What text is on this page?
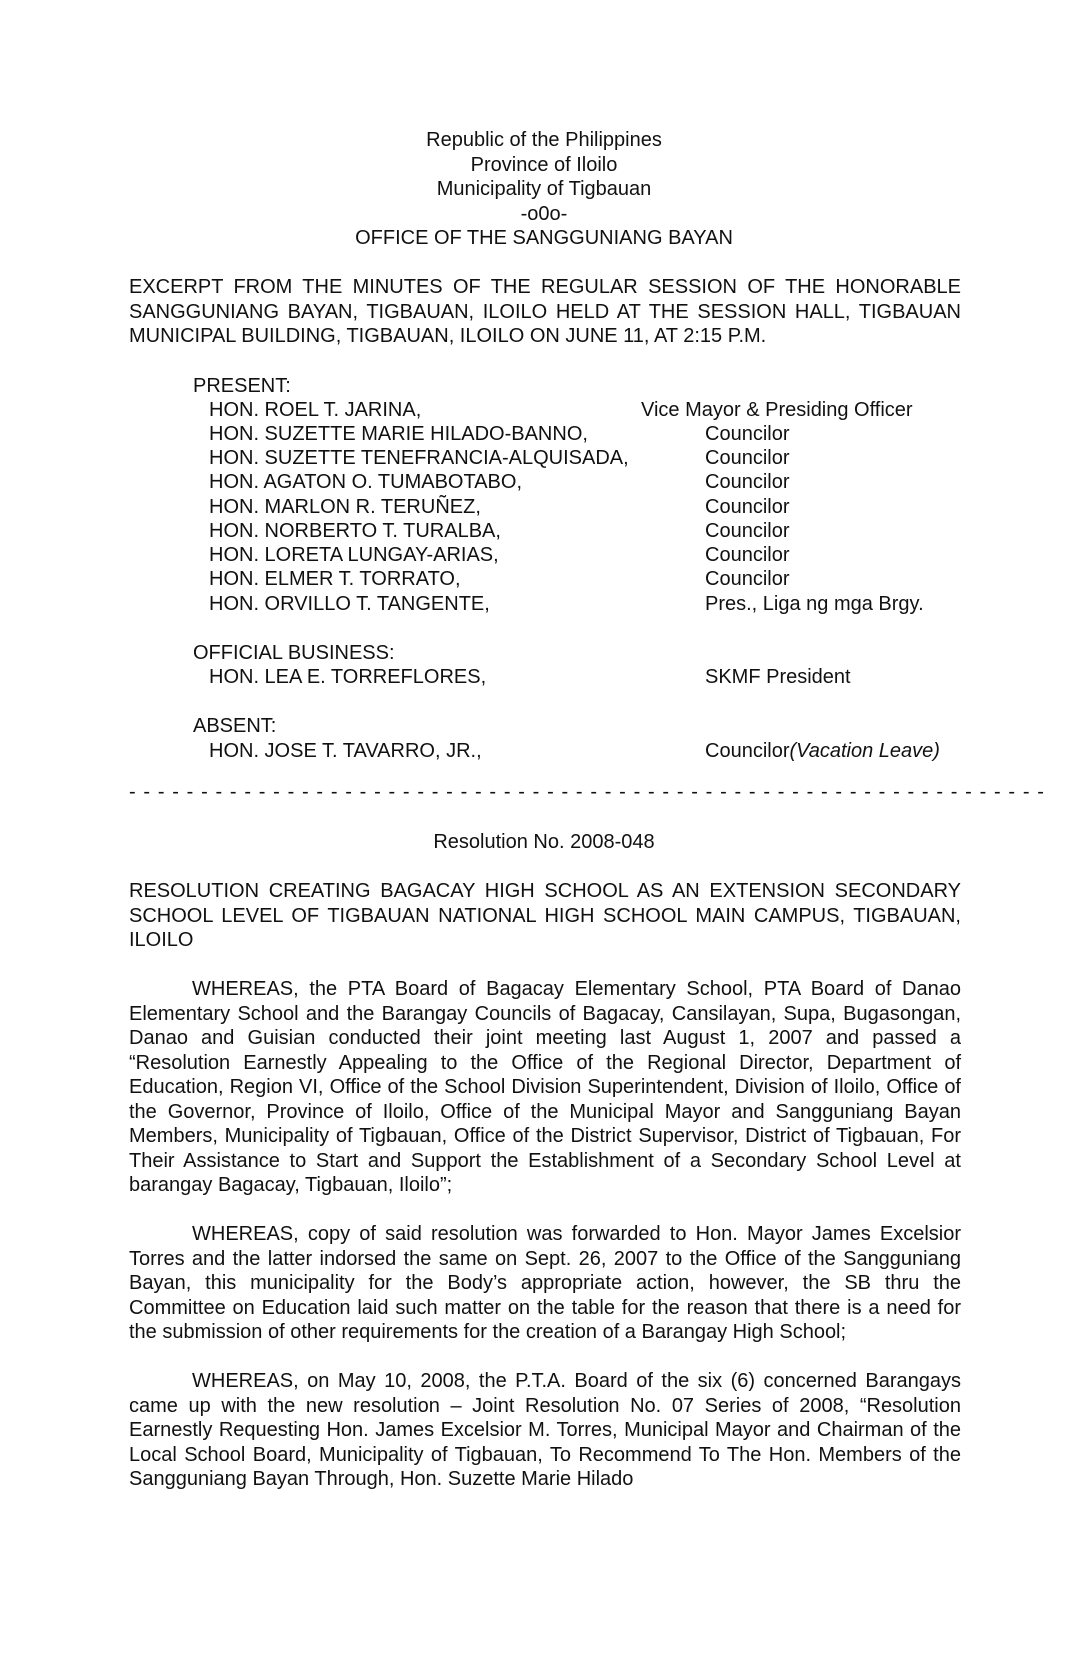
Republic of the Philippines
Province of Iloilo
Municipality of Tigbauan
-o0o-
OFFICE OF THE SANGGUNIANG BAYAN
EXCERPT FROM THE MINUTES OF THE REGULAR SESSION OF THE HONORABLE SANGGUNIANG BAYAN, TIGBAUAN, ILOILO HELD AT THE SESSION HALL, TIGBAUAN MUNICIPAL BUILDING, TIGBAUAN, ILOILO ON JUNE 11, AT 2:15 P.M.
PRESENT:
HON. ROEL T. JARINA,	Vice Mayor & Presiding Officer
HON. SUZETTE MARIE HILADO-BANNO,	Councilor
HON. SUZETTE TENEFRANCIA-ALQUISADA,	Councilor
HON. AGATON O. TUMABOTABO,	Councilor
HON. MARLON R. TERUÑEZ,	Councilor
HON. NORBERTO T. TURALBA,	Councilor
HON. LORETA LUNGAY-ARIAS,	Councilor
HON. ELMER T. TORRATO,	Councilor
HON. ORVILLO T. TANGENTE,	Pres., Liga ng mga Brgy.
OFFICIAL BUSINESS:
HON. LEA E. TORREFLORES,	SKMF President
ABSENT:
HON. JOSE T. TAVARRO, JR.,	Councilor(Vacation Leave)
- - - - - - - - - - - - - - - - - - - - - - - - - - - - - - - - - - - - - - - - - - - - - - - - - - - - - - - - - - - - - - - -
Resolution No. 2008-048
RESOLUTION CREATING BAGACAY HIGH SCHOOL AS AN EXTENSION SECONDARY SCHOOL LEVEL OF TIGBAUAN NATIONAL HIGH SCHOOL MAIN CAMPUS, TIGBAUAN, ILOILO

WHEREAS, the PTA Board of Bagacay Elementary School, PTA Board of Danao Elementary School and the Barangay Councils of Bagacay, Cansilayan, Supa, Bugasongan, Danao and Guisian conducted their joint meeting last August 1, 2007 and passed a “Resolution Earnestly Appealing to the Office of the Regional Director, Department of Education, Region VI, Office of the School Division Superintendent, Division of Iloilo, Office of the Governor, Province of Iloilo, Office of the Municipal Mayor and Sangguniang Bayan Members, Municipality of Tigbauan, Office of the District Supervisor, District of Tigbauan, For Their Assistance to Start and Support the Establishment of a Secondary School Level at barangay Bagacay, Tigbauan, Iloilo”;

WHEREAS, copy of said resolution was forwarded to Hon. Mayor James Excelsior Torres and the latter indorsed the same on Sept. 26, 2007 to the Office of the Sangguniang Bayan, this municipality for the Body’s appropriate action, however, the SB thru the Committee on Education laid such matter on the table for the reason that there is a need for the submission of other requirements for the creation of a Barangay High School;

WHEREAS, on May 10, 2008, the P.T.A. Board of the six (6) concerned Barangays came up with the new resolution – Joint Resolution No. 07 Series of 2008, “Resolution Earnestly Requesting Hon. James Excelsior M. Torres, Municipal Mayor and Chairman of the Local School Board, Municipality of Tigbauan, To Recommend To The Hon. Members of the Sangguniang Bayan Through, Hon. Suzette Marie Hilado
